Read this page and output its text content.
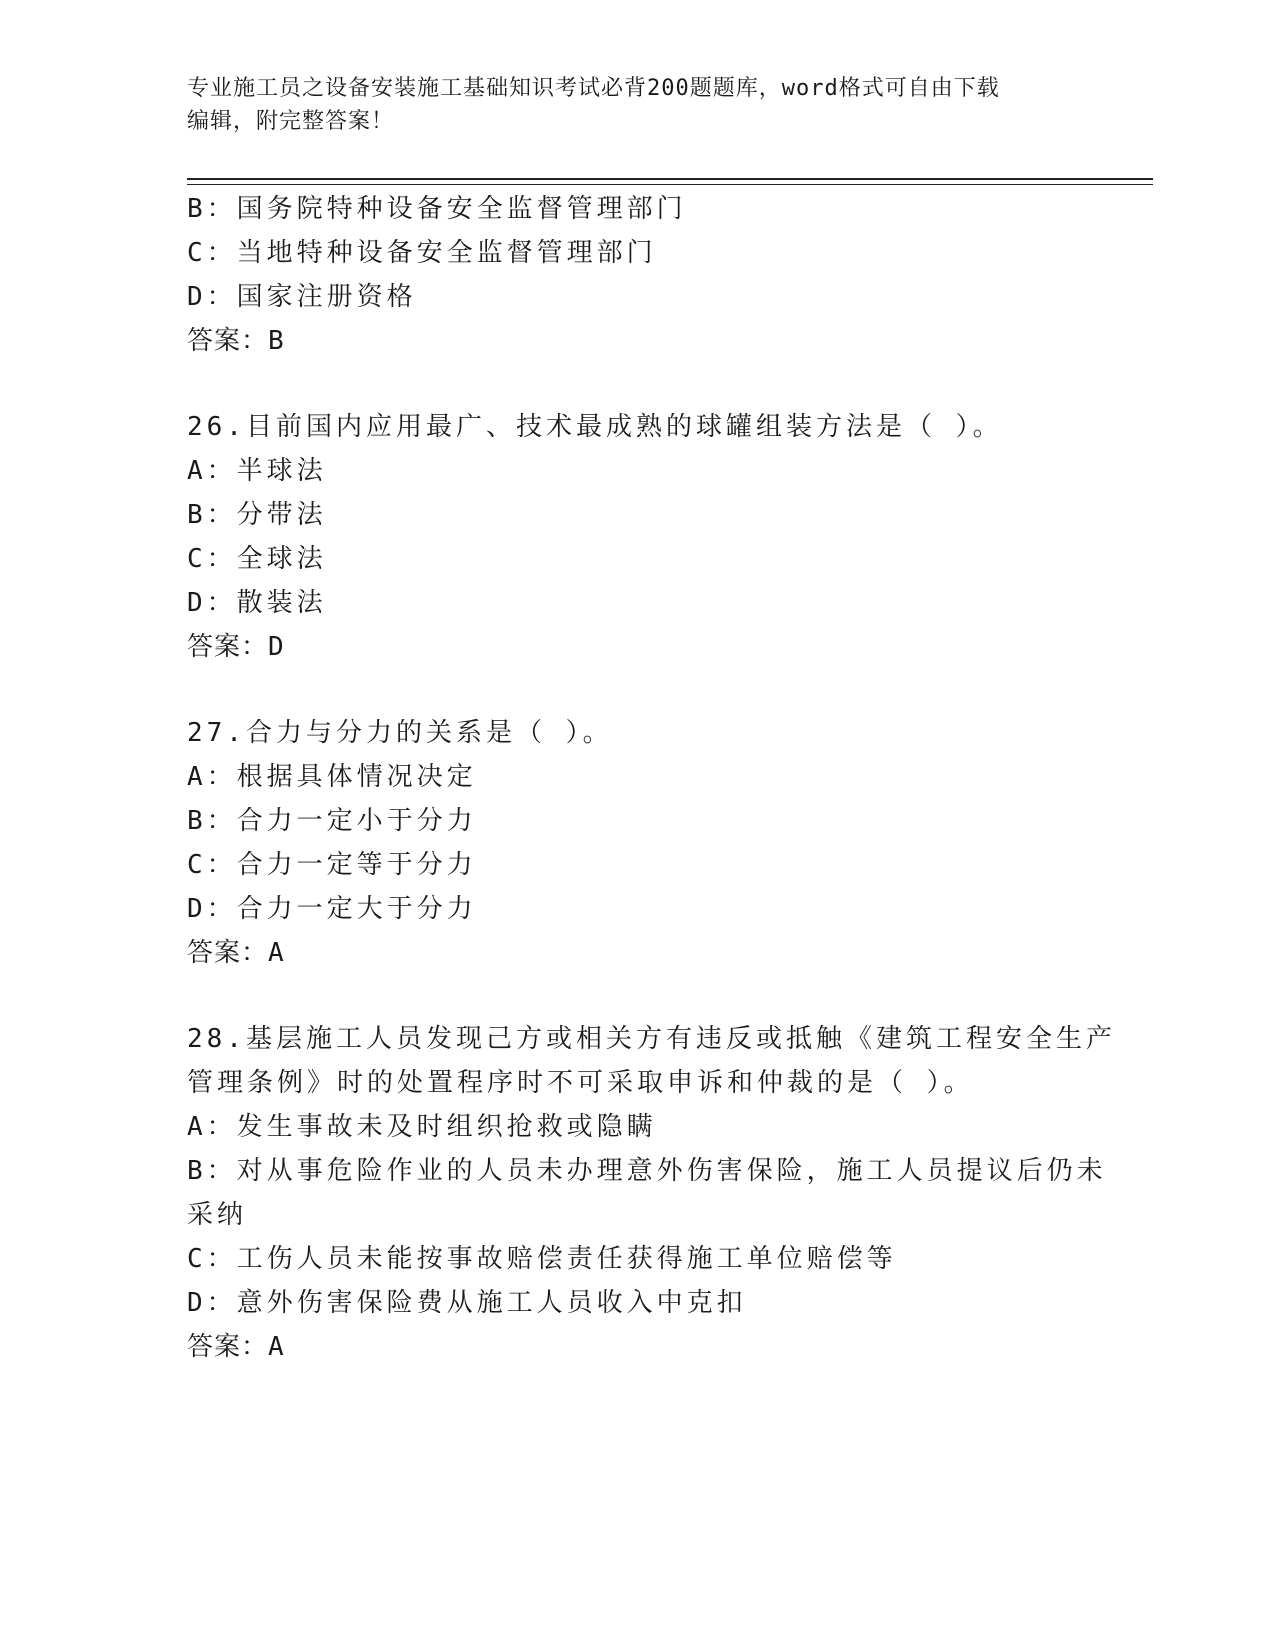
专业施工员之设备安装施工基础知识考试必背200题题库，word格式可自由下载
编辑，附完整答案！
B：国务院特种设备安全监督管理部门
C：当地特种设备安全监督管理部门
D：国家注册资格
答案：B
26.目前国内应用最广、技术最成熟的球罐组装方法是（ ）。
A：半球法
B：分带法
C：全球法
D：散装法
答案：D
27.合力与分力的关系是（ ）。
A：根据具体情况决定
B：合力一定小于分力
C：合力一定等于分力
D：合力一定大于分力
答案：A
28.基层施工人员发现己方或相关方有违反或抵触《建筑工程安全生产
管理条例》时的处置程序时不可采取申诉和仲裁的是（ ）。
A：发生事故未及时组织抢救或隐瞒
B：对从事危险作业的人员未办理意外伤害保险，施工人员提议后仍未
采纳
C：工伤人员未能按事故赔偿责任获得施工单位赔偿等
D：意外伤害保险费从施工人员收入中克扣
答案：A
